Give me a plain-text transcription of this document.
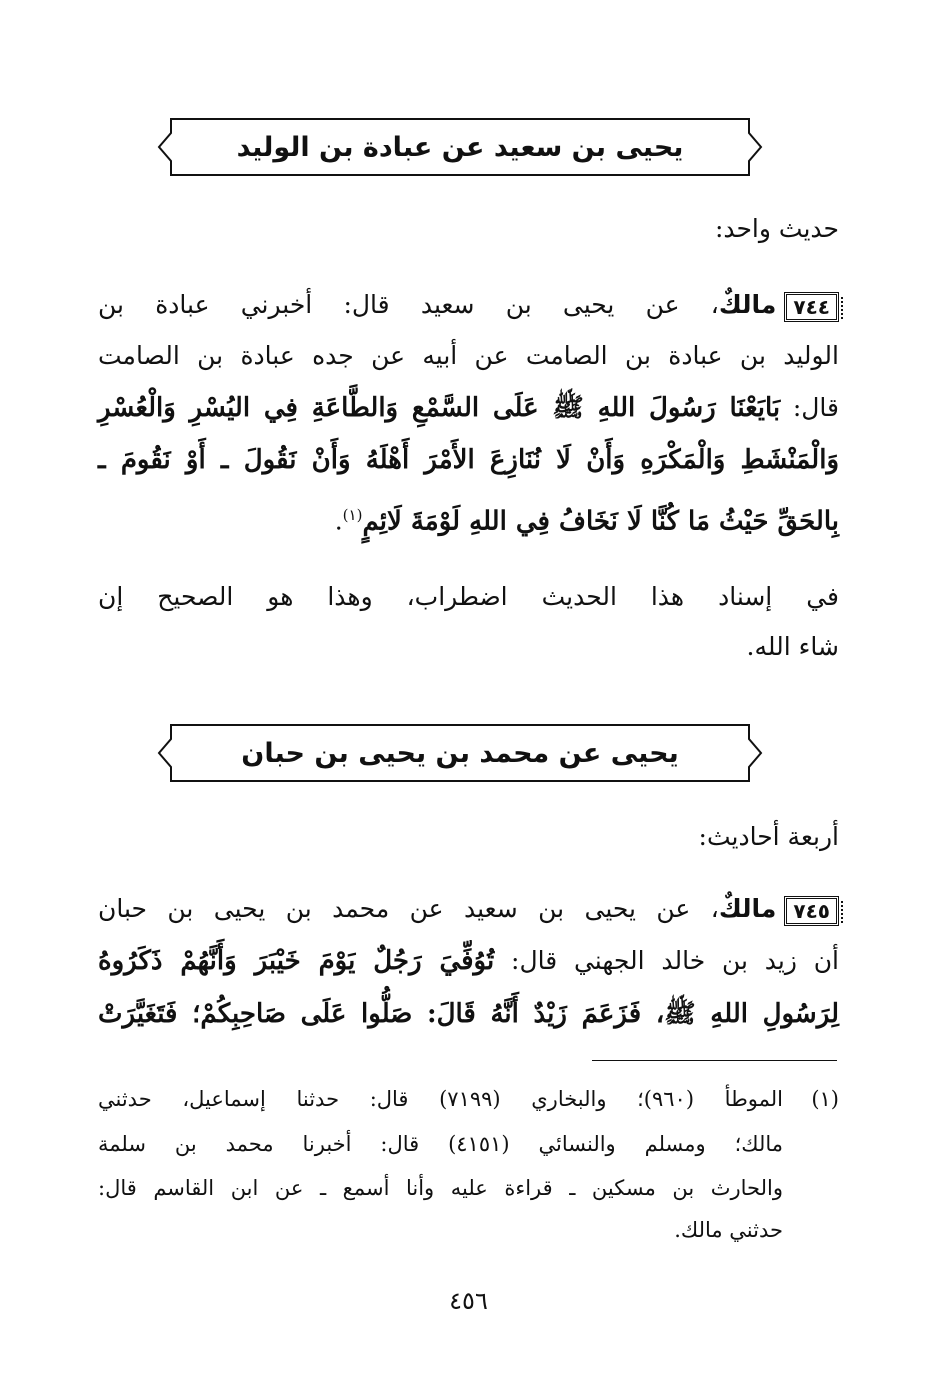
يحيى بن سعيد عن عبادة بن الوليد
حديث واحد:
٧٤٤مالكٌ، عن يحيى بن سعيد قال: أخبرني عبادة بن
الوليد بن عبادة بن الصامت عن أبيه عن جده عبادة بن الصامت
قال: بَايَعْنَا رَسُولَ اللهِ ﷺ عَلَى السَّمْعِ وَالطَّاعَةِ فِي اليُسْرِ وَالْعُسْرِ
وَالْمَنْشَطِ وَالْمَكْرَهِ وَأَنْ لَا نُنَازِعَ الأَمْرَ أَهْلَهُ وَأَنْ نَقُولَ ـ أَوْ نَقُومَ ـ
بِالحَقِّ حَيْثُ مَا كُنَّا لَا نَخَافُ فِي اللهِ لَوْمَةَ لَائِمٍ$^{(١)}$.
في إسناد هذا الحديث اضطراب، وهذا هو الصحيح إن
شاء الله.
يحيى عن محمد بن يحيى بن حبان
أربعة أحاديث:
٧٤٥مالكٌ، عن يحيى بن سعيد عن محمد بن يحيى بن حبان
أن زيد بن خالد الجهني قال: تُوُفِّيَ رَجُلٌ يَوْمَ خَيْبَرَ وَأَنَّهُمْ ذَكَرُوهُ
لِرَسُولِ اللهِ ﷺ، فَزَعَمَ زَيْدٌ أَنَّهُ قَالَ: صَلُّوا عَلَى صَاحِبِكُمْ؛ فَتَغَيَّرَتْ
(١)
الموطأ (٩٦٠)؛ والبخاري (٧١٩٩) قال: حدثنا إسماعيل، حدثني
مالك؛ ومسلم والنسائي (٤١٥١) قال: أخبرنا محمد بن سلمة
والحارث بن مسكين ـ قراءة عليه وأنا أسمع ـ عن ابن القاسم قال:
حدثني مالك.
٤٥٦
